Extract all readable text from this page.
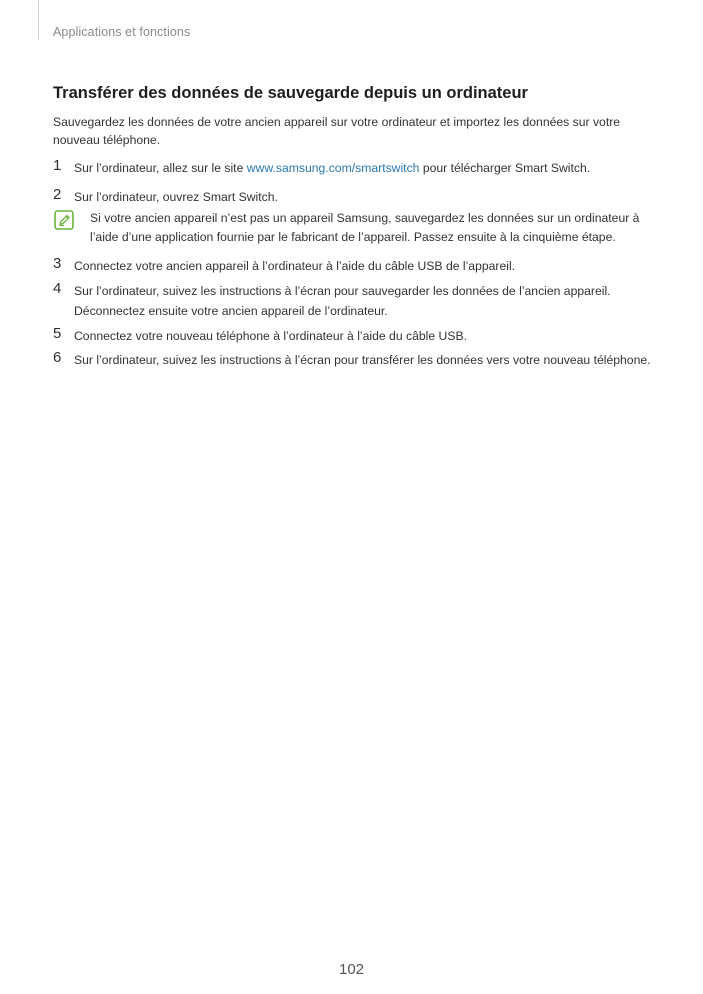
Applications et fonctions
Transférer des données de sauvegarde depuis un ordinateur

Sauvegardez les données de votre ancien appareil sur votre ordinateur et importez les données sur votre nouveau téléphone.

1 Sur l’ordinateur, allez sur le site www.samsung.com/smartswitch pour télécharger Smart Switch.
2 Sur l’ordinateur, ouvrez Smart Switch.
Si votre ancien appareil n’est pas un appareil Samsung, sauvegardez les données sur un ordinateur à l’aide d’une application fournie par le fabricant de l’appareil. Passez ensuite à la cinquième étape.
3 Connectez votre ancien appareil à l’ordinateur à l’aide du câble USB de l’appareil.
4 Sur l’ordinateur, suivez les instructions à l’écran pour sauvegarder les données de l’ancien appareil. Déconnectez ensuite votre ancien appareil de l’ordinateur.
5 Connectez votre nouveau téléphone à l’ordinateur à l’aide du câble USB.
6 Sur l’ordinateur, suivez les instructions à l’écran pour transférer les données vers votre nouveau téléphone.
102
